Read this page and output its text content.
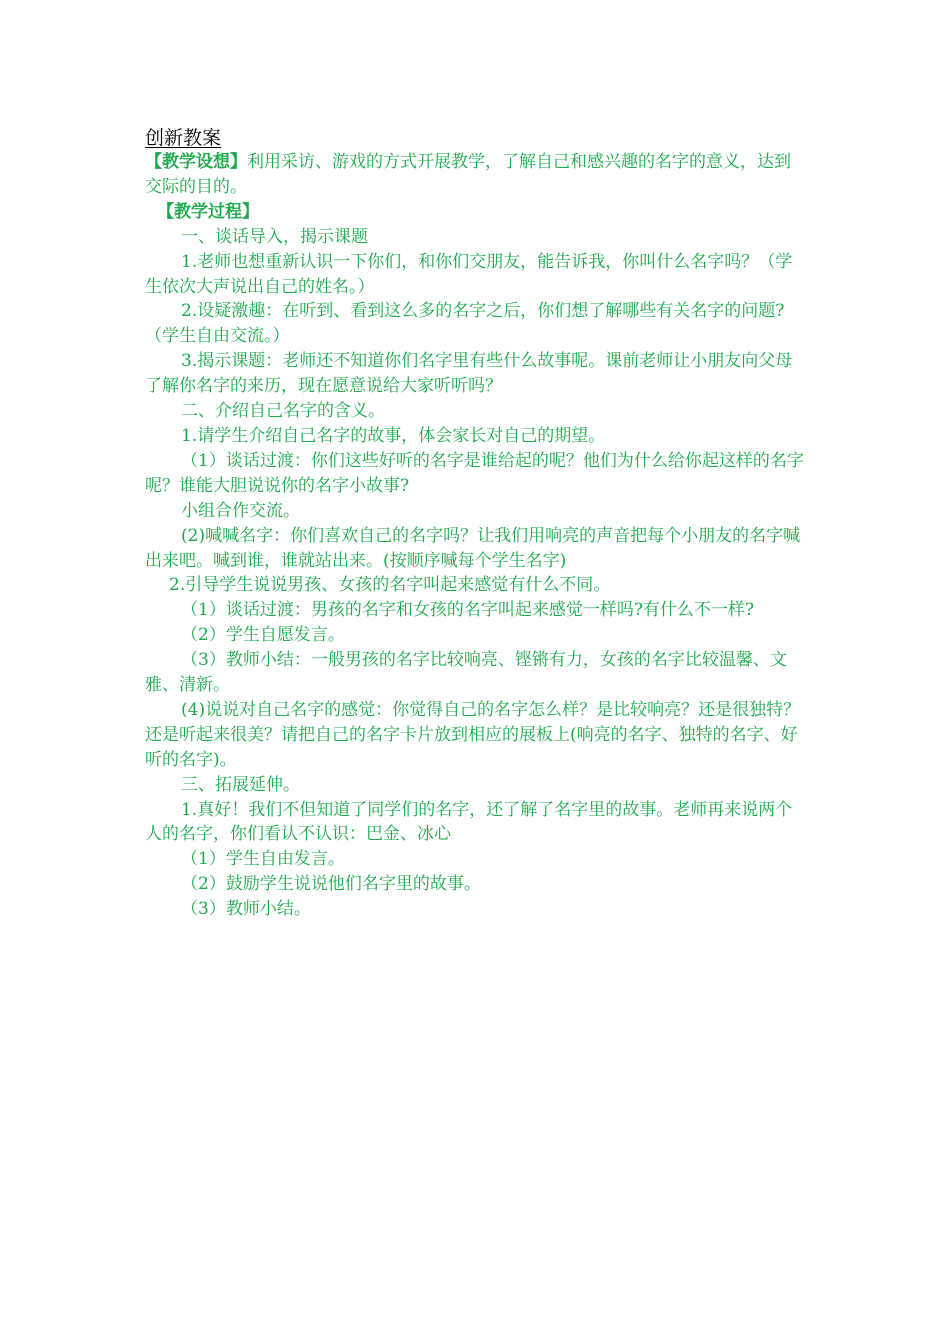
创新教案

【教学设想】利用采访、游戏的方式开展教学，了解自己和感兴趣的名字的意义，达到交际的目的。

【教学过程】

一、谈话导入，揭示课题

1.老师也想重新认识一下你们，和你们交朋友，能告诉我，你叫什么名字吗？（学生依次大声说出自己的姓名。）

2.设疑激趣：在听到、看到这么多的名字之后，你们想了解哪些有关名字的问题?（学生自由交流。）

3.揭示课题：老师还不知道你们名字里有些什么故事呢。课前老师让小朋友向父母了解你名字的来历，现在愿意说给大家听听吗？

二、介绍自己名字的含义。

1.请学生介绍自己名字的故事，体会家长对自己的期望。

（1）谈话过渡：你们这些好听的名字是谁给起的呢？他们为什么给你起这样的名字呢？谁能大胆说说你的名字小故事?

小组合作交流。

(2)喊喊名字：你们喜欢自己的名字吗？让我们用响亮的声音把每个小朋友的名字喊出来吧。喊到谁，谁就站出来。(按顺序喊每个学生名字)

2.引导学生说说男孩、女孩的名字叫起来感觉有什么不同。

（1）谈话过渡：男孩的名字和女孩的名字叫起来感觉一样吗?有什么不一样?

（2）学生自愿发言。

（3）教师小结：一般男孩的名字比较响亮、铿锵有力，女孩的名字比较温馨、文雅、清新。

(4)说说对自己名字的感觉：你觉得自己的名字怎么样？是比较响亮？还是很独特？还是听起来很美？请把自己的名字卡片放到相应的展板上(响亮的名字、独特的名字、好听的名字)。

三、拓展延伸。

1.真好！我们不但知道了同学们的名字，还了解了名字里的故事。老师再来说两个人的名字，你们看认不认识：巴金、冰心

（1）学生自由发言。

（2）鼓励学生说说他们名字里的故事。

（3）教师小结。
